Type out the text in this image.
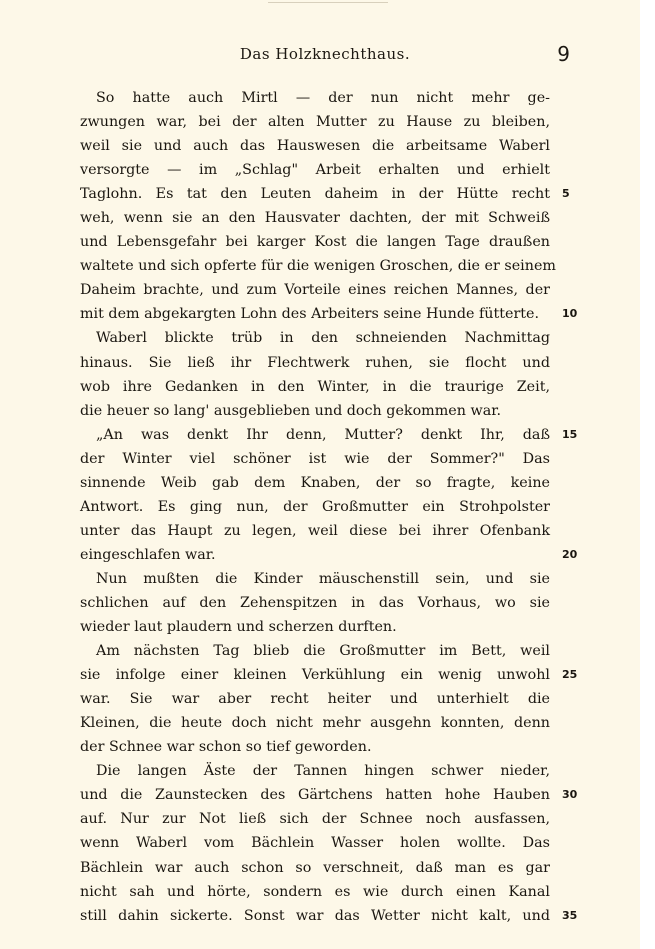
Das Holzknechthaus.	9
So hatte auch Mirtl — der nun nicht mehr ge-
zwungen war, bei der alten Mutter zu Hause zu bleiben,
weil sie und auch das Hauswesen die arbeitsame Waberl
versorgte — im „Schlag" Arbeit erhalten und erhielt
Taglohn. Es tat den Leuten daheim in der Hütte recht 5
weh, wenn sie an den Hausvater dachten, der mit Schweiß
und Lebensgefahr bei karger Kost die langen Tage draußen
waltete und sich opferte für die wenigen Groschen, die er seinem
Daheim brachte, und zum Vorteile eines reichen Mannes, der
mit dem abgekargten Lohn des Arbeiters seine Hunde fütterte.	10
Waberl blickte trüb in den schneienden Nachmittag
hinaus. Sie ließ ihr Flechtwerk ruhen, sie flocht und
wob ihre Gedanken in den Winter, in die traurige Zeit,
die heuer so lang' ausgeblieben und doch gekommen war.
„An was denkt Ihr denn, Mutter? denkt Ihr, daß 15
der Winter viel schöner ist wie der Sommer?" Das
sinnende Weib gab dem Knaben, der so fragte, keine
Antwort. Es ging nun, der Großmutter ein Strohpolster
unter das Haupt zu legen, weil diese bei ihrer Ofenbank
eingeschlafen war.	20
Nun mußten die Kinder mäuschenstill sein, und sie
schlichen auf den Zehenspitzen in das Vorhaus, wo sie
wieder laut plaudern und scherzen durften.
Am nächsten Tag blieb die Großmutter im Bett, weil
sie infolge einer kleinen Verkühlung ein wenig unwohl 25
war. Sie war aber recht heiter und unterhielt die
Kleinen, die heute doch nicht mehr ausgehn konnten, denn
der Schnee war schon so tief geworden.
Die langen Äste der Tannen hingen schwer nieder,
und die Zaunstecken des Gärtchens hatten hohe Hauben 30
auf. Nur zur Not ließ sich der Schnee noch ausfassen,
wenn Waberl vom Bächlein Wasser holen wollte. Das
Bächlein war auch schon so verschneit, daß man es gar
nicht sah und hörte, sondern es wie durch einen Kanal
still dahin sickerte. Sonst war das Wetter nicht kalt, und 35
